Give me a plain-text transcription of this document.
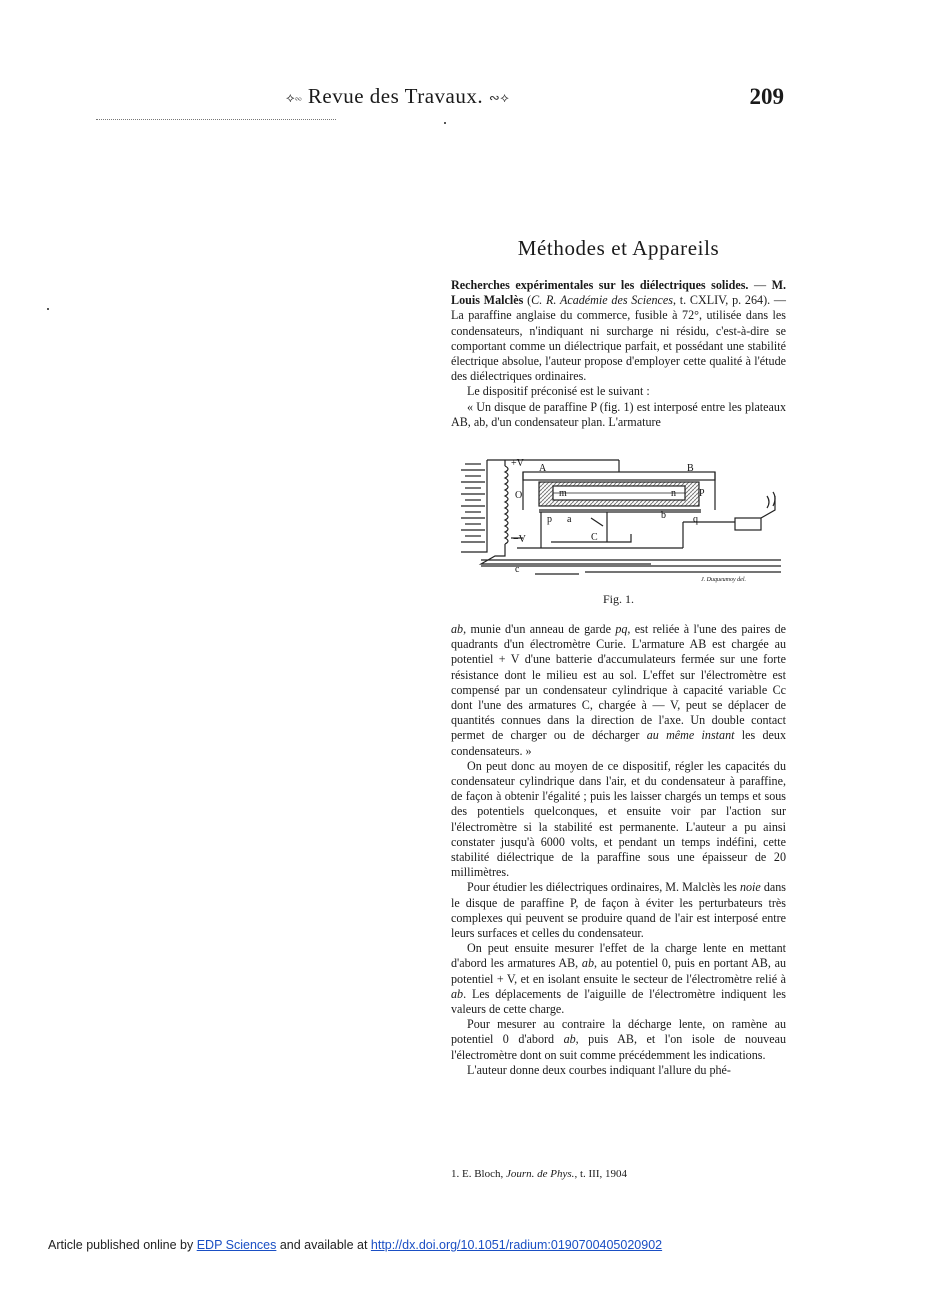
⟡∾ Revue des Travaux. ∾⟡	209
Méthodes et Appareils

Recherches expérimentales sur les diélectriques solides. — M. Louis Malclès (C. R. Académie des Sciences, t. CXLIV, p. 264). — La paraffine anglaise du commerce, fusible à 72°, utilisée dans les condensateurs, n'indiquant ni surcharge ni résidu, c'est-à-dire se comportant comme un diélectrique parfait, et possédant une stabilité électrique absolue, l'auteur propose d'employer cette qualité à l'étude des diélectriques ordinaires.

Le dispositif préconisé est le suivant :

« Un disque de paraffine P (fig. 1) est interposé entre les plateaux AB, ab, d'un condensateur plan. L'armature

+V
−V
O
A	B
P
m	n
p a	b	q
C
c
J. Duqueumoy del.
Fig. 1.

ab, munie d'un anneau de garde pq, est reliée à l'une des paires de quadrants d'un électromètre Curie. L'armature AB est chargée au potentiel + V d'une batterie d'accumulateurs fermée sur une forte résistance dont le milieu est au sol. L'effet sur l'électromètre est compensé par un condensateur cylindrique à capacité variable Cc dont l'une des armatures C, chargée à — V, peut se déplacer de quantités connues dans la direction de l'axe. Un double contact permet de charger ou de décharger au même instant les deux condensateurs. »

On peut donc au moyen de ce dispositif, régler les capacités du condensateur cylindrique dans l'air, et du condensateur à paraffine, de façon à obtenir l'égalité ; puis les laisser chargés un temps et sous des potentiels quelconques, et ensuite voir par l'action sur l'électromètre si la stabilité est permanente. L'auteur a pu ainsi constater jusqu'à 6000 volts, et pendant un temps indéfini, cette stabilité diélectrique de la paraffine sous une épaisseur de 20 millimètres.

Pour étudier les diélectriques ordinaires, M. Malclès les noie dans le disque de paraffine P, de façon à éviter les perturbateurs très complexes qui peuvent se produire quand de l'air est interposé entre leurs surfaces et celles du condensateur.

On peut ensuite mesurer l'effet de la charge lente en mettant d'abord les armatures AB, ab, au potentiel 0, puis en portant AB, au potentiel + V, et en isolant ensuite le secteur de l'électromètre relié à ab. Les déplacements de l'aiguille de l'électromètre indiquent les valeurs de cette charge.

Pour mesurer au contraire la décharge lente, on ramène au potentiel 0 d'abord ab, puis AB, et l'on isole de nouveau l'électromètre dont on suit comme précédemment les indications.

L'auteur donne deux courbes indiquant l'allure du phé-

1. E. Bloch, Journ. de Phys., t. III, 1904
Article published online by EDP Sciences and available at http://dx.doi.org/10.1051/radium:0190700405020902
